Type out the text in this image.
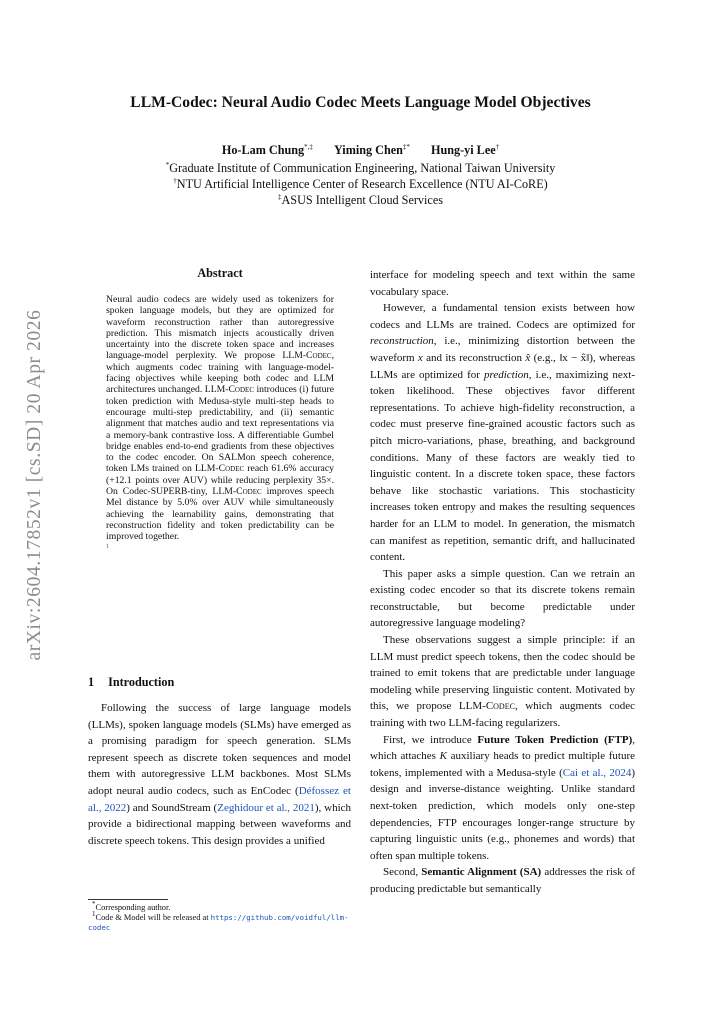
arXiv:2604.17852v1 [cs.SD] 20 Apr 2026
LLM-Codec: Neural Audio Codec Meets Language Model Objectives
Ho-Lam Chung*,‡ Yiming Chen‡* Hung-yi Lee†
*Graduate Institute of Communication Engineering, National Taiwan University
†NTU Artificial Intelligence Center of Research Excellence (NTU AI-CoRE)
‡ASUS Intelligent Cloud Services
Abstract
Neural audio codecs are widely used as tokenizers for spoken language models, but they are optimized for waveform reconstruction rather than autoregressive prediction. This mismatch injects acoustically driven uncertainty into the discrete token space and increases language-model perplexity. We propose LLM-Codec, which augments codec training with language-model-facing objectives while keeping both codec and LLM architectures unchanged. LLM-Codec introduces (i) future token prediction with Medusa-style multi-step heads to encourage multi-step predictability, and (ii) semantic alignment that matches audio and text representations via a memory-bank contrastive loss. A differentiable Gumbel bridge enables end-to-end gradients from these objectives to the codec encoder. On SALMon speech coherence, token LMs trained on LLM-Codec reach 61.6% accuracy (+12.1 points over AUV) while reducing perplexity 35×. On Codec-SUPERB-tiny, LLM-Codec improves speech Mel distance by 5.0% over AUV while simultaneously achieving the learnability gains, demonstrating that reconstruction fidelity and token predictability can be improved together.
1
1 Introduction

Following the success of large language models (LLMs), spoken language models (SLMs) have emerged as a promising paradigm for speech generation. SLMs represent speech as discrete token sequences and model them with autoregressive LLM backbones. Most SLMs adopt neural audio codecs, such as EnCodec (Défossez et al., 2022) and SoundStream (Zeghidour et al., 2021), which provide a bidirectional mapping between waveforms and discrete speech tokens. This design provides a unified

*Corresponding author.
$^1$Code & Model will be released at https://github.com/voidful/llm-codec

interface for modeling speech and text within the same vocabulary space.

However, a fundamental tension exists between how codecs and LLMs are trained. Codecs are optimized for reconstruction, i.e., minimizing distortion between the waveform x and its reconstruction x̂ (e.g., ‖x − x̂‖), whereas LLMs are optimized for prediction, i.e., maximizing next-token likelihood. These objectives favor different representations. To achieve high-fidelity reconstruction, a codec must preserve fine-grained acoustic factors such as pitch micro-variations, phase, breathing, and background conditions. Many of these factors are weakly tied to linguistic content. In a discrete token space, these factors behave like stochastic variations. This stochasticity increases token entropy and makes the resulting sequences harder for an LLM to model. In generation, the mismatch can manifest as repetition, semantic drift, and hallucinated content.

This paper asks a simple question. Can we retrain an existing codec encoder so that its discrete tokens remain reconstructable, but become predictable under autoregressive language modeling?

These observations suggest a simple principle: if an LLM must predict speech tokens, then the codec should be trained to emit tokens that are predictable under language modeling while preserving linguistic content. Motivated by this, we propose LLM-Codec, which augments codec training with two LLM-facing regularizers.

First, we introduce Future Token Prediction (FTP), which attaches K auxiliary heads to predict multiple future tokens, implemented with a Medusa-style (Cai et al., 2024) design and inverse-distance weighting. Unlike standard next-token prediction, which models only one-step dependencies, FTP encourages longer-range structure by capturing linguistic units (e.g., phonemes and words) that often span multiple tokens.

Second, Semantic Alignment (SA) addresses the risk of producing predictable but semantically
